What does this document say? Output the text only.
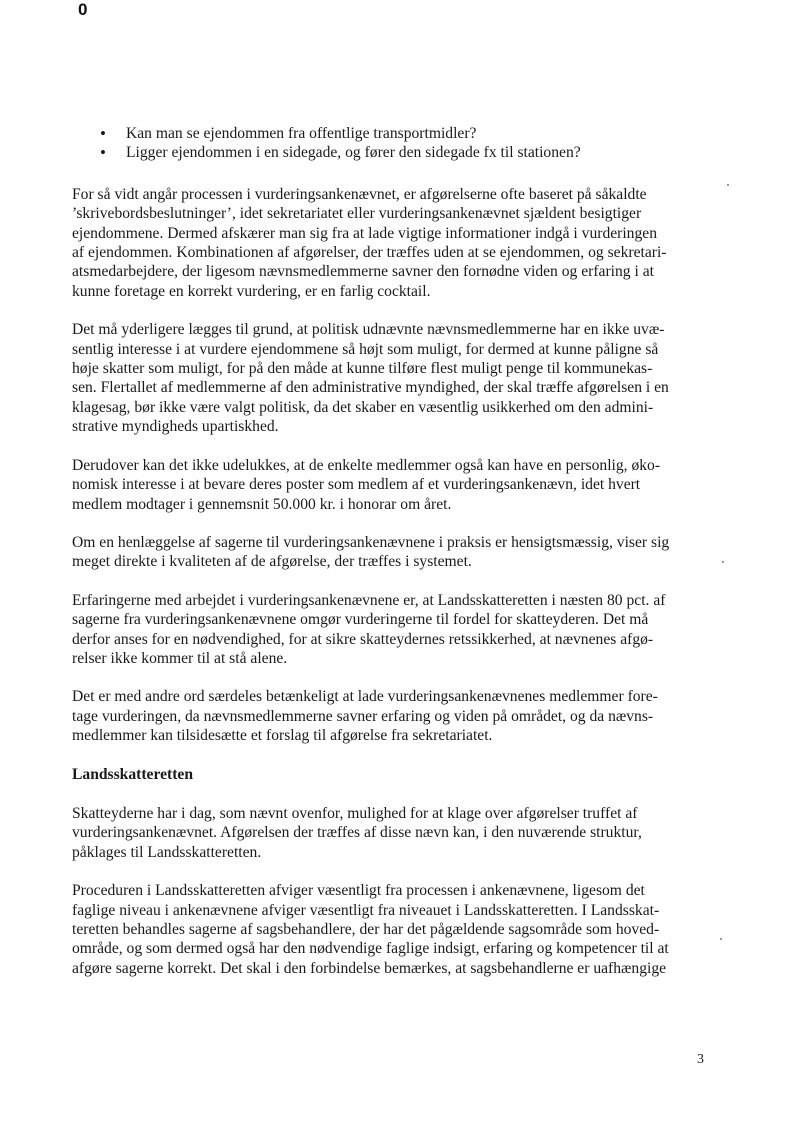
0
• Kan man se ejendommen fra offentlige transportmidler?
• Ligger ejendommen i en sidegade, og fører den sidegade fx til stationen?

For så vidt angår processen i vurderingsankenævnet, er afgørelserne ofte baseret på såkaldte
’skrivebordsbeslutninger’, idet sekretariatet eller vurderingsankenævnet sjældent besigtiger
ejendommene. Dermed afskærer man sig fra at lade vigtige informationer indgå i vurderingen
af ejendommen. Kombinationen af afgørelser, der træffes uden at se ejendommen, og sekretari-
atsmedarbejdere, der ligesom nævnsmedlemmerne savner den fornødne viden og erfaring i at
kunne foretage en korrekt vurdering, er en farlig cocktail.

Det må yderligere lægges til grund, at politisk udnævnte nævnsmedlemmerne har en ikke uvæ-
sentlig interesse i at vurdere ejendommene så højt som muligt, for dermed at kunne påligne så
høje skatter som muligt, for på den måde at kunne tilføre flest muligt penge til kommunekas-
sen. Flertallet af medlemmerne af den administrative myndighed, der skal træffe afgørelsen i en
klagesag, bør ikke være valgt politisk, da det skaber en væsentlig usikkerhed om den admini-
strative myndigheds upartiskhed.

Derudover kan det ikke udelukkes, at de enkelte medlemmer også kan have en personlig, øko-
nomisk interesse i at bevare deres poster som medlem af et vurderingsankenævn, idet hvert
medlem modtager i gennemsnit 50.000 kr. i honorar om året.

Om en henlæggelse af sagerne til vurderingsankenævnene i praksis er hensigtsmæssig, viser sig
meget direkte i kvaliteten af de afgørelse, der træffes i systemet.

Erfaringerne med arbejdet i vurderingsankenævnene er, at Landsskatteretten i næsten 80 pct. af
sagerne fra vurderingsankenævnene omgør vurderingerne til fordel for skatteyderen. Det må
derfor anses for en nødvendighed, for at sikre skatteydernes retssikkerhed, at nævnenes afgø-
relser ikke kommer til at stå alene.

Det er med andre ord særdeles betænkeligt at lade vurderingsankenævnenes medlemmer fore-
tage vurderingen, da nævnsmedlemmerne savner erfaring og viden på området, og da nævns-
medlemmer kan tilsidesætte et forslag til afgørelse fra sekretariatet.

Landsskatteretten

Skatteyderne har i dag, som nævnt ovenfor, mulighed for at klage over afgørelser truffet af
vurderingsankenævnet. Afgørelsen der træffes af disse nævn kan, i den nuværende struktur,
påklages til Landsskatteretten.

Proceduren i Landsskatteretten afviger væsentligt fra processen i ankenævnene, ligesom det
faglige niveau i ankenævnene afviger væsentligt fra niveauet i Landsskatteretten. I Landsskat-
teretten behandles sagerne af sagsbehandlere, der har det pågældende sagsområde som hoved-
område, og som dermed også har den nødvendige faglige indsigt, erfaring og kompetencer til at
afgøre sagerne korrekt. Det skal i den forbindelse bemærkes, at sagsbehandlerne er uafhængige

3
